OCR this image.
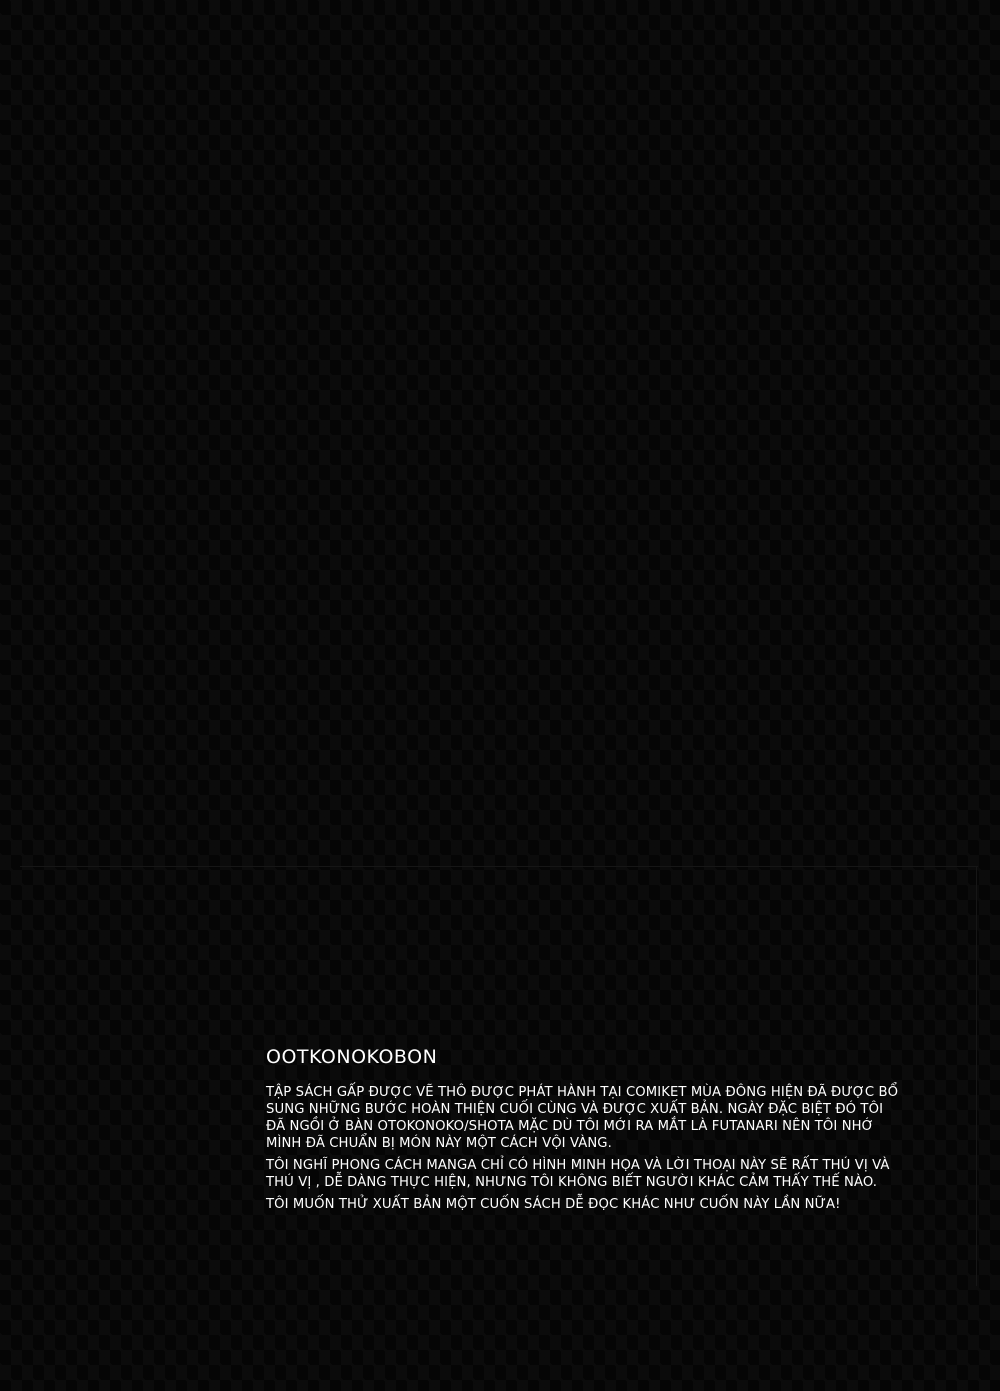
OOTKONOKOBON

TẬP SÁCH GẤP ĐƯỢC VẼ THÔ ĐƯỢC PHÁT HÀNH TẠI COMIKET MÙA ĐÔNG HIỆN ĐÃ ĐƯỢC BỔ SUNG NHỮNG BƯỚC HOÀN THIỆN CUỐI CÙNG VÀ ĐƯỢC XUẤT BẢN. NGÀY ĐẶC BIỆT ĐÓ TÔI ĐÃ NGỒI Ở BÀN OTOKONOKO/SHOTA MẶC DÙ TÔI MỚI RA MẮT LÀ FUTANARI NÊN TÔI NHỚ MÌNH ĐÃ CHUẨN BỊ MÓN NÀY MỘT CÁCH VỘI VÀNG.

TÔI NGHĨ PHONG CÁCH MANGA CHỈ CÓ HÌNH MINH HỌA VÀ LỜI THOẠI NÀY SẼ RẤT THÚ VỊ VÀ THÚ VỊ , DỄ DÀNG THỰC HIỆN, NHƯNG TÔI KHÔNG BIẾT NGƯỜI KHÁC CẢM THẤY THẾ NÀO.

TÔI MUỐN THỬ XUẤT BẢN MỘT CUỐN SÁCH DỄ ĐỌC KHÁC NHƯ CUỐN NÀY LẦN NỮA!
